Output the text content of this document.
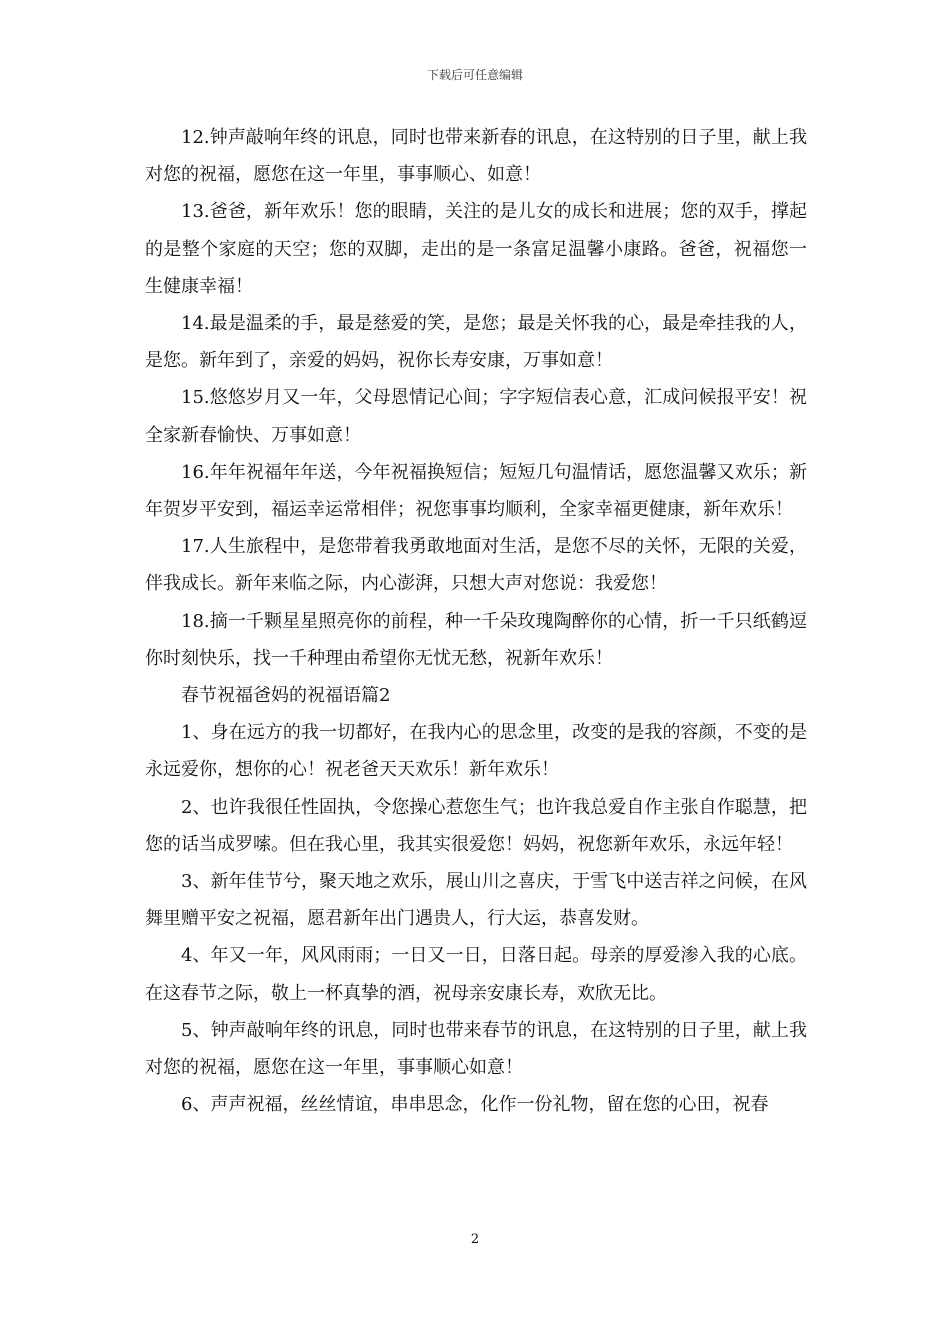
下载后可任意编辑

12.钟声敲响年终的讯息，同时也带来新春的讯息，在这特别的日子里，献上我对您的祝福，愿您在这一年里，事事顺心、如意！

13.爸爸，新年欢乐！您的眼睛，关注的是儿女的成长和进展；您的双手，撑起的是整个家庭的天空；您的双脚，走出的是一条富足温馨小康路。爸爸，祝福您一生健康幸福！

14.最是温柔的手，最是慈爱的笑，是您；最是关怀我的心，最是牵挂我的人，是您。新年到了，亲爱的妈妈，祝你长寿安康，万事如意！

15.悠悠岁月又一年，父母恩情记心间；字字短信表心意，汇成问候报平安！祝全家新春愉快、万事如意！

16.年年祝福年年送，今年祝福换短信；短短几句温情话，愿您温馨又欢乐；新年贺岁平安到，福运幸运常相伴；祝您事事均顺利，全家幸福更健康，新年欢乐！

17.人生旅程中，是您带着我勇敢地面对生活，是您不尽的关怀，无限的关爱，伴我成长。新年来临之际，内心澎湃，只想大声对您说：我爱您！

18.摘一千颗星星照亮你的前程，种一千朵玫瑰陶醉你的心情，折一千只纸鹤逗你时刻快乐，找一千种理由希望你无忧无愁，祝新年欢乐！

春节祝福爸妈的祝福语篇2

1、身在远方的我一切都好，在我内心的思念里，改变的是我的容颜，不变的是永远爱你，想你的心！祝老爸天天欢乐！新年欢乐！

2、也许我很任性固执，令您操心惹您生气；也许我总爱自作主张自作聪慧，把您的话当成罗嗦。但在我心里，我其实很爱您！妈妈，祝您新年欢乐，永远年轻！

3、新年佳节兮，聚天地之欢乐，展山川之喜庆，于雪飞中送吉祥之问候，在风舞里赠平安之祝福，愿君新年出门遇贵人，行大运，恭喜发财。

4、年又一年，风风雨雨；一日又一日，日落日起。母亲的厚爱渗入我的心底。在这春节之际，敬上一杯真挚的酒，祝母亲安康长寿，欢欣无比。

5、钟声敲响年终的讯息，同时也带来春节的讯息，在这特别的日子里，献上我对您的祝福，愿您在这一年里，事事顺心如意！

6、声声祝福，丝丝情谊，串串思念，化作一份礼物，留在您的心田，祝春

2
